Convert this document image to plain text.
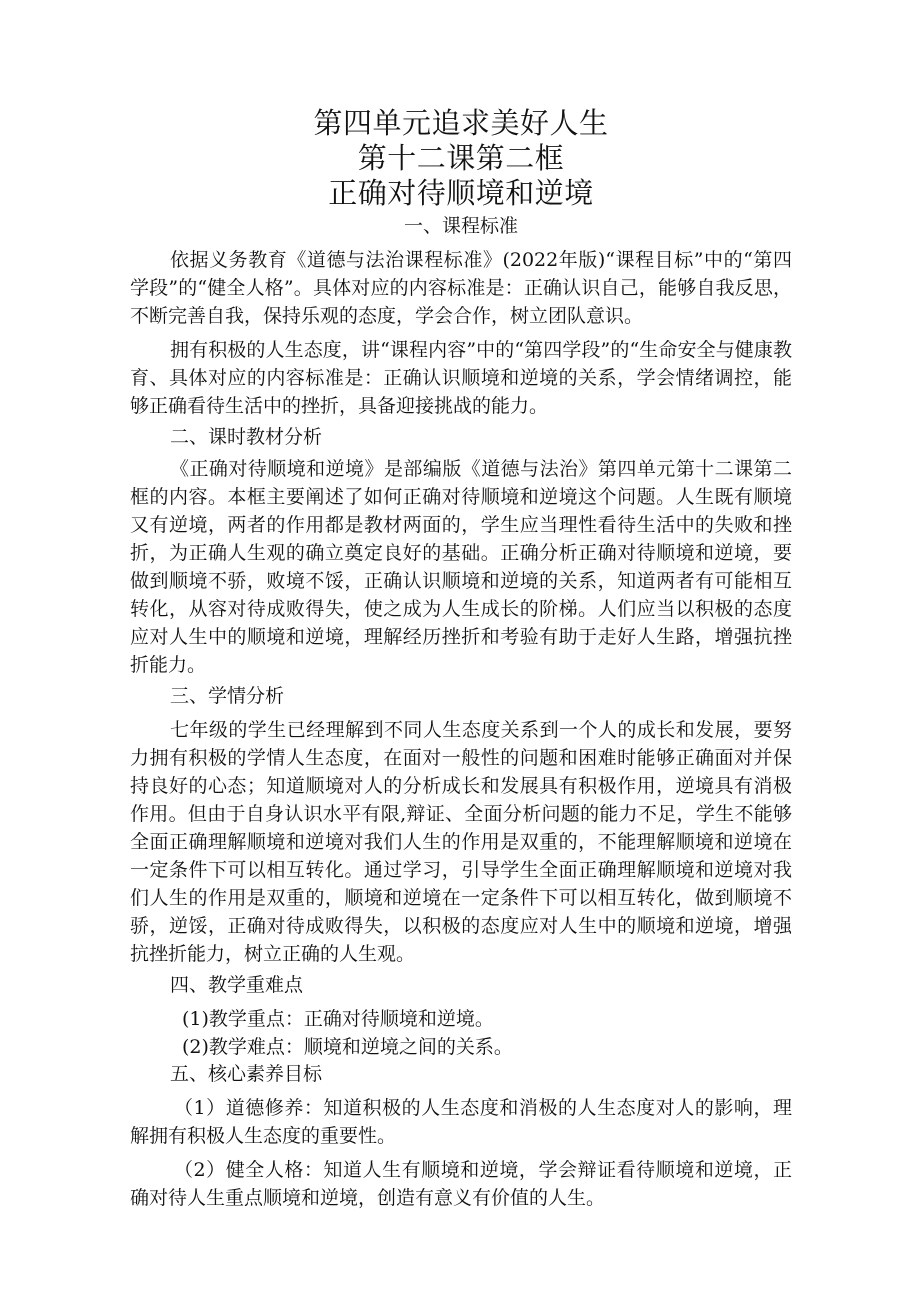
第四单元追求美好人生
第十二课第二框
正确对待顺境和逆境

一、课程标准

依据义务教育《道德与法治课程标准》(2022年版)“课程目标”中的“第四学段”的“健全人格”。具体对应的内容标准是：正确认识自己，能够自我反思，不断完善自我，保持乐观的态度，学会合作，树立团队意识。

拥有积极的人生态度，讲“课程内容”中的“第四学段”的“生命安全与健康教育、具体对应的内容标准是：正确认识顺境和逆境的关系，学会情绪调控，能够正确看待生活中的挫折，具备迎接挑战的能力。

二、课时教材分析

《正确对待顺境和逆境》是部编版《道德与法治》第四单元第十二课第二框的内容。本框主要阐述了如何正确对待顺境和逆境这个问题。人生既有顺境又有逆境，两者的作用都是教材两面的，学生应当理性看待生活中的失败和挫折，为正确人生观的确立奠定良好的基础。正确分析正确对待顺境和逆境，要做到顺境不骄，败境不馁，正确认识顺境和逆境的关系，知道两者有可能相互转化，从容对待成败得失，使之成为人生成长的阶梯。人们应当以积极的态度应对人生中的顺境和逆境，理解经历挫折和考验有助于走好人生路，增强抗挫折能力。

三、学情分析

七年级的学生已经理解到不同人生态度关系到一个人的成长和发展，要努力拥有积极的学情人生态度，在面对一般性的问题和困难时能够正确面对并保持良好的心态；知道顺境对人的分析成长和发展具有积极作用，逆境具有消极作用。但由于自身认识水平有限,辩证、全面分析问题的能力不足，学生不能够全面正确理解顺境和逆境对我们人生的作用是双重的，不能理解顺境和逆境在一定条件下可以相互转化。通过学习，引导学生全面正确理解顺境和逆境对我们人生的作用是双重的，顺境和逆境在一定条件下可以相互转化，做到顺境不骄，逆馁，正确对待成败得失，以积极的态度应对人生中的顺境和逆境，增强抗挫折能力，树立正确的人生观。

四、教学重难点

(1)教学重点：正确对待顺境和逆境。

(2)教学难点：顺境和逆境之间的关系。

五、核心素养目标

（1）道德修养：知道积极的人生态度和消极的人生态度对人的影响，理解拥有积极人生态度的重要性。

（2）健全人格：知道人生有顺境和逆境，学会辩证看待顺境和逆境，正确对待人生重点顺境和逆境，创造有意义有价值的人生。
